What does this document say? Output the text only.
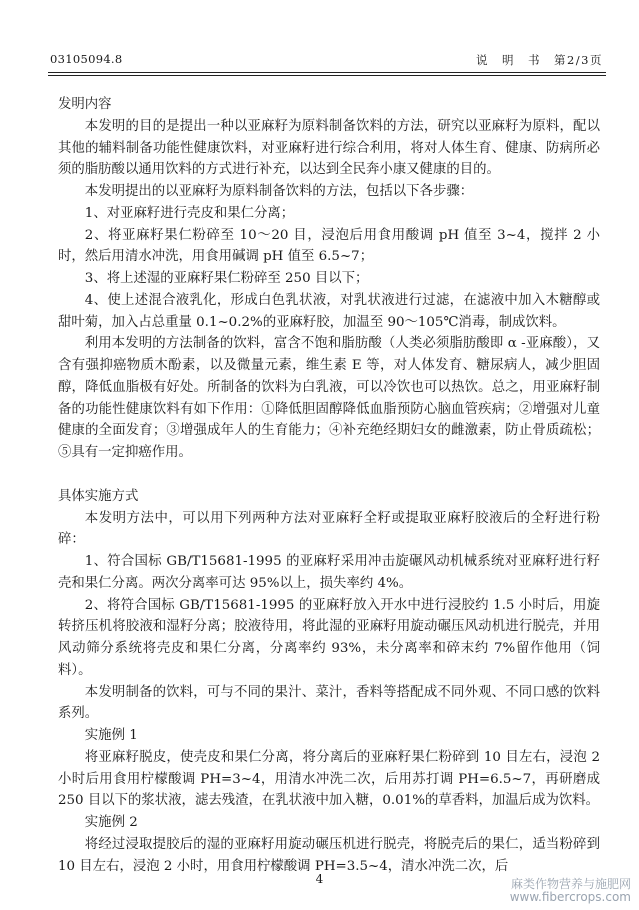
03105094.8	说　明　书　第2/3页

发明内容

本发明的目的是提出一种以亚麻籽为原料制备饮料的方法，研究以亚麻籽为原料，配以其他的辅料制备功能性健康饮料，对亚麻籽进行综合利用，将对人体生育、健康、防病所必须的脂肪酸以通用饮料的方式进行补充，以达到全民奔小康又健康的目的。

本发明提出的以亚麻籽为原料制备饮料的方法，包括以下各步骤：

1、对亚麻籽进行壳皮和果仁分离；

2、将亚麻籽果仁粉碎至 10～20 目，浸泡后用食用酸调 pH 值至 3~4，搅拌 2 小时，然后用清水冲洗，用食用碱调 pH 值至 6.5~7；

3、将上述湿的亚麻籽果仁粉碎至 250 目以下；

4、使上述混合液乳化，形成白色乳状液，对乳状液进行过滤，在滤液中加入木糖醇或甜叶菊，加入占总重量 0.1~0.2%的亚麻籽胶，加温至 90～105℃消毒，制成饮料。

利用本发明的方法制备的饮料，富含不饱和脂肪酸（人类必须脂肪酸即 α -亚麻酸），又含有强抑癌物质木酚素，以及微量元素，维生素 E 等，对人体发育、糖尿病人，减少胆固醇，降低血脂极有好处。所制备的饮料为白乳液，可以冷饮也可以热饮。总之，用亚麻籽制备的功能性健康饮料有如下作用：①降低胆固醇降低血脂预防心脑血管疾病；②增强对儿童健康的全面发育；③增强成年人的生育能力；④补充绝经期妇女的雌激素，防止骨质疏松；⑤具有一定抑癌作用。

具体实施方式

本发明方法中，可以用下列两种方法对亚麻籽全籽或提取亚麻籽胶液后的全籽进行粉碎：

1、符合国标 GB/T15681-1995 的亚麻籽采用冲击旋碾风动机械系统对亚麻籽进行籽壳和果仁分离。两次分离率可达 95%以上，损失率约 4%。

2、将符合国标 GB/T15681-1995 的亚麻籽放入开水中进行浸胶约 1.5 小时后，用旋转挤压机将胶液和湿籽分离；胶液待用，将此湿的亚麻籽用旋动碾压风动机进行脱壳，并用风动筛分系统将壳皮和果仁分离，分离率约 93%，未分离率和碎末约 7%留作他用（饲料）。

本发明制备的饮料，可与不同的果汁、菜汁，香料等搭配成不同外观、不同口感的饮料系列。

实施例 1

将亚麻籽脱皮，使壳皮和果仁分离，将分离后的亚麻籽果仁粉碎到 10 目左右，浸泡 2 小时后用食用柠檬酸调 PH=3~4，用清水冲洗二次，后用苏打调 PH=6.5~7，再研磨成 250 目以下的浆状液，滤去残渣，在乳状液中加入糖，0.01%的草香料，加温后成为饮料。

实施例 2

将经过浸取提胶后的湿的亚麻籽用旋动碾压机进行脱壳，将脱壳后的果仁，适当粉碎到 10 目左右，浸泡 2 小时，用食用柠檬酸调 PH=3.5~4，清水冲洗二次，后

4	麻类作物营养与施肥网
www.fibercrops.com
